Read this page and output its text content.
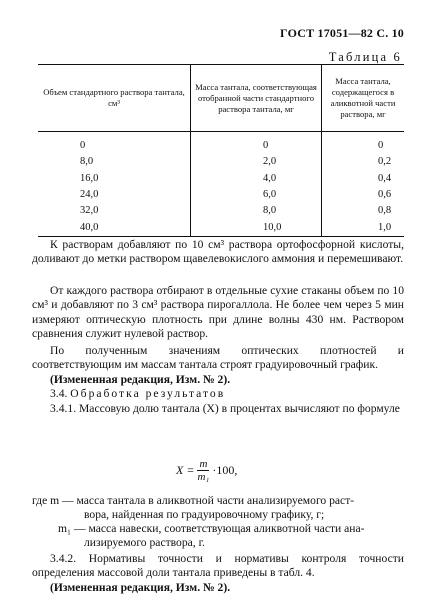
ГОСТ 17051—82 С. 10
Таблица 6
Объем стандартного раствора тантала, см³	Масса тантала, соответствующая отобранной части стандартного раствора тантала, мг	Масса тантала, содержащегося в аликвотной части раствора, мг
0	0	0
8,0	2,0	0,2
16,0	4,0	0,4
24,0	6,0	0,6
32,0	8,0	0,8
40,0	10,0	1,0
К растворам добавляют по 10 см³ раствора ортофосфорной кислоты, доливают до метки раствором щавелевокислого аммония и перемешивают.
От каждого раствора отбирают в отдельные сухие стаканы объем по 10 см³ и добавляют по 3 см³ раствора пирогаллола. Не более чем через 5 мин измеряют оптическую плотность при длине волны 430 нм. Раствором сравнения служит нулевой раствор.
По полученным значениям оптических плотностей и соответствующим им массам тантала строят градуировочный график.
(Измененная редакция, Изм. № 2).
3.4. Обработка результатов
3.4.1. Массовую долю тантала (X) в процентах вычисляют по формуле
$X = \frac{m}{\text{m₁}} \cdot 100$,
где m — масса тантала в аликвотной части анализируемого раст-
вора, найденная по градуировочному графику, г;
m₁ — масса навески, соответствующая аликвотной части ана-
лизируемого раствора, г.
3.4.2. Нормативы точности и нормативы контроля точности определения массовой доли тантала приведены в табл. 4.
(Измененная редакция, Изм. № 2).
